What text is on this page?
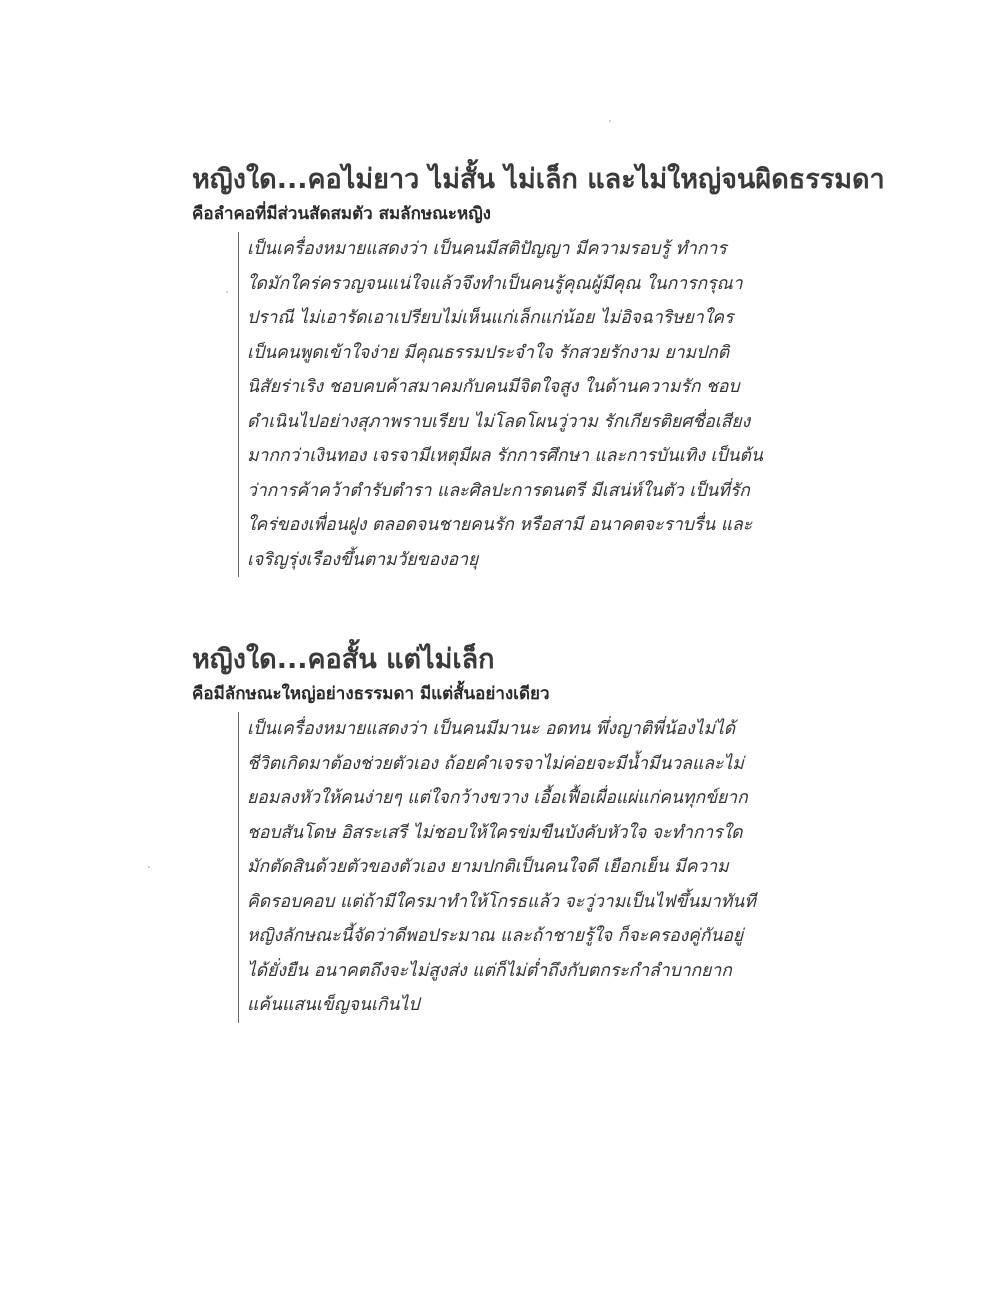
หญิงใด...คอไม่ยาว ไม่สั้น ไม่เล็ก และไม่ใหญ่จนผิดธรรมดา
คือลำคอที่มีส่วนสัดสมตัว สมลักษณะหญิง
เป็นเครื่องหมายแสดงว่า เป็นคนมีสติปัญญา มีความรอบรู้ ทำการ
ใดมักใคร่ครวญจนแน่ใจแล้วจึงทำเป็นคนรู้คุณผู้มีคุณ ในการกรุณา
ปราณี ไม่เอารัดเอาเปรียบไม่เห็นแก่เล็กแก่น้อย ไม่อิจฉาริษยาใคร
เป็นคนพูดเข้าใจง่าย มีคุณธรรมประจำใจ รักสวยรักงาม ยามปกติ
นิสัยร่าเริง ชอบคบค้าสมาคมกับคนมีจิตใจสูง ในด้านความรัก ชอบ
ดำเนินไปอย่างสุภาพราบเรียบ ไม่โลดโผนวู่วาม รักเกียรติยศชื่อเสียง
มากกว่าเงินทอง เจรจามีเหตุมีผล รักการศึกษา และการบันเทิง เป็นต้น
ว่าการค้าคว้าตำรับตำรา และศิลปะการดนตรี มีเสน่ห์ในตัว เป็นที่รัก
ใคร่ของเพื่อนฝูง ตลอดจนชายคนรัก หรือสามี อนาคตจะราบรื่น และ
เจริญรุ่งเรืองขึ้นตามวัยของอายุ
หญิงใด...คอสั้น แต่ไม่เล็ก
คือมีลักษณะใหญ่อย่างธรรมดา มีแต่สั้นอย่างเดียว
เป็นเครื่องหมายแสดงว่า เป็นคนมีมานะ อดทน พึ่งญาติพี่น้องไม่ได้
ชีวิตเกิดมาต้องช่วยตัวเอง ถ้อยคำเจรจาไม่ค่อยจะมีน้ำมีนวลและไม่
ยอมลงหัวให้คนง่ายๆ แต่ใจกว้างขวาง เอื้อเฟื้อเผื่อแผ่แก่คนทุกข์ยาก
ชอบสันโดษ อิสระเสรี ไม่ชอบให้ใครข่มขืนบังคับหัวใจ จะทำการใด
มักตัดสินด้วยตัวของตัวเอง ยามปกติเป็นคนใจดี เยือกเย็น มีความ
คิดรอบคอบ แต่ถ้ามีใครมาทำให้โกรธแล้ว จะวู่วามเป็นไฟขึ้นมาทันที
หญิงลักษณะนี้จัดว่าดีพอประมาณ และถ้าชายรู้ใจ ก็จะครองคู่กันอยู่
ได้ยั่งยืน อนาคตถึงจะไม่สูงส่ง แต่ก็ไม่ต่ำถึงกับตกระกำลำบากยาก
แค้นแสนเข็ญจนเกินไป
